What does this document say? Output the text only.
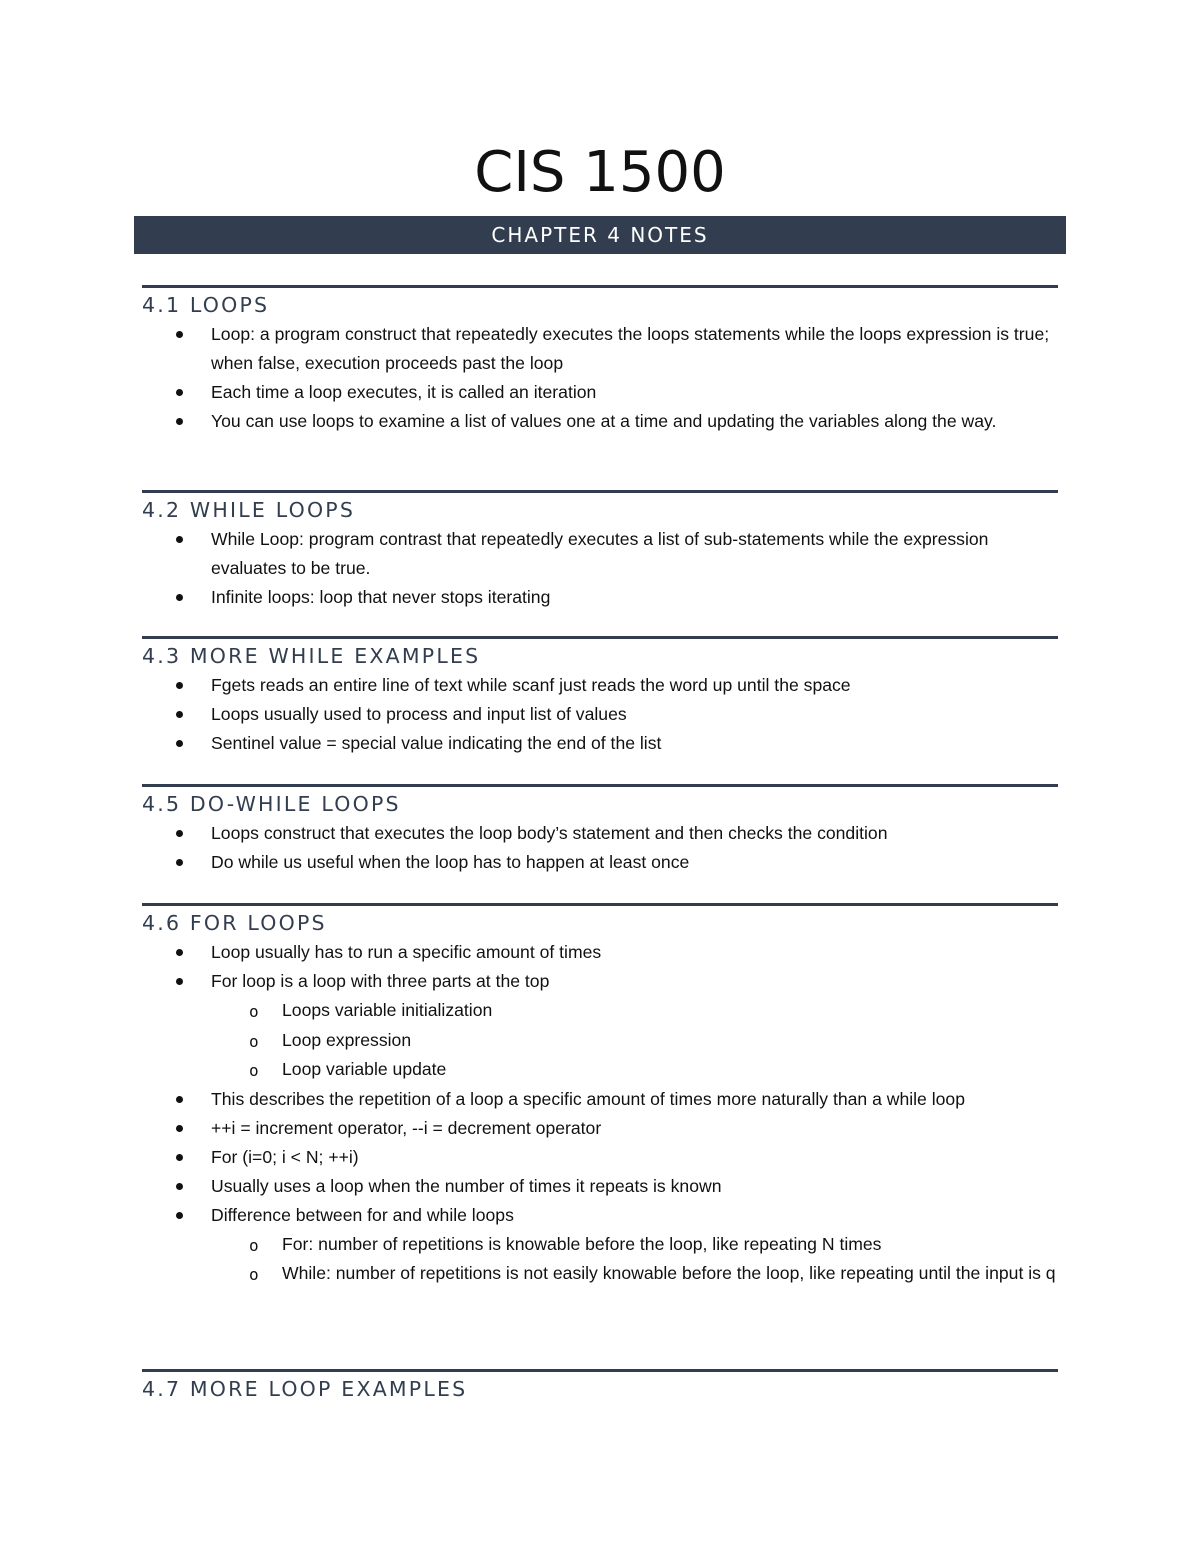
CIS 1500
CHAPTER 4 NOTES
4.1 LOOPS
Loop: a program construct that repeatedly executes the loops statements while the loops expression is true; when false, execution proceeds past the loop
Each time a loop executes, it is called an iteration
You can use loops to examine a list of values one at a time and updating the variables along the way.
4.2 WHILE LOOPS
While Loop: program contrast that repeatedly executes a list of sub-statements while the expression evaluates to be true.
Infinite loops: loop that never stops iterating
4.3 MORE WHILE EXAMPLES
Fgets reads an entire line of text while scanf just reads the word up until the space
Loops usually used to process and input list of values
Sentinel value = special value indicating the end of the list
4.5 DO-WHILE LOOPS
Loops construct that executes the loop body’s statement and then checks the condition
Do while us useful when the loop has to happen at least once
4.6 FOR LOOPS
Loop usually has to run a specific amount of times
For loop is a loop with three parts at the top
o Loops variable initialization
o Loop expression
o Loop variable update
This describes the repetition of a loop a specific amount of times more naturally than a while loop
++i = increment operator, --i = decrement operator
For (i=0; i < N; ++i)
Usually uses a loop when the number of times it repeats is known
Difference between for and while loops
o For: number of repetitions is knowable before the loop, like repeating N times
o While: number of repetitions is not easily knowable before the loop, like repeating until the input is q
4.7 MORE LOOP EXAMPLES
